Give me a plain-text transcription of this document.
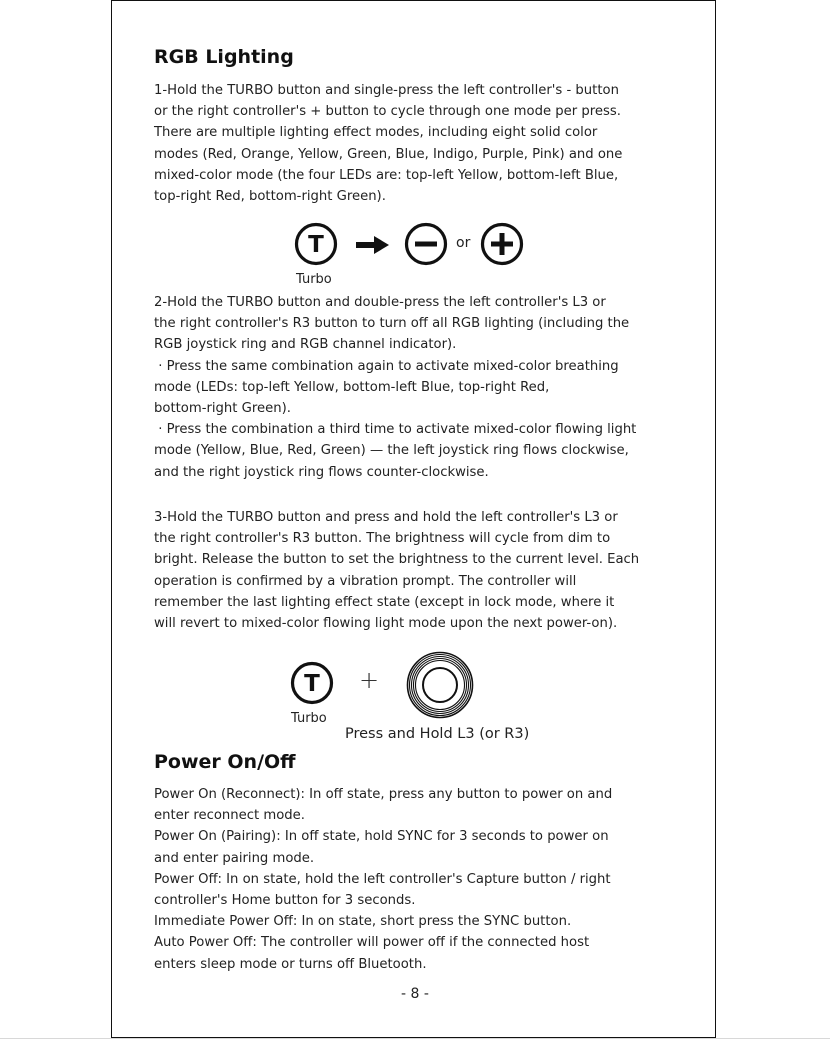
RGB Lighting
1-Hold the TURBO button and single-press the left controller's - button
or the right controller's + button to cycle through one mode per press.
There are multiple lighting effect modes, including eight solid color
modes (Red, Orange, Yellow, Green, Blue, Indigo, Purple, Pink) and one
mixed-color mode (the four LEDs are: top-left Yellow, bottom-left Blue,
top-right Red, bottom-right Green).
T	or
Turbo
2-Hold the TURBO button and double-press the left controller's L3 or
the right controller's R3 button to turn off all RGB lighting (including the
RGB joystick ring and RGB channel indicator).
· Press the same combination again to activate mixed-color breathing
mode (LEDs: top-left Yellow, bottom-left Blue, top-right Red,
bottom-right Green).
· Press the combination a third time to activate mixed-color flowing light
mode (Yellow, Blue, Red, Green) — the left joystick ring flows clockwise,
and the right joystick ring flows counter-clockwise.
3-Hold the TURBO button and press and hold the left controller's L3 or
the right controller's R3 button. The brightness will cycle from dim to
bright. Release the button to set the brightness to the current level. Each
operation is confirmed by a vibration prompt. The controller will
remember the last lighting effect state (except in lock mode, where it
will revert to mixed-color flowing light mode upon the next power-on).
T +
Turbo
Press and Hold L3 (or R3)
Power On/Off
Power On (Reconnect): In off state, press any button to power on and
enter reconnect mode.
Power On (Pairing): In off state, hold SYNC for 3 seconds to power on
and enter pairing mode.
Power Off: In on state, hold the left controller's Capture button / right
controller's Home button for 3 seconds.
Immediate Power Off: In on state, short press the SYNC button.
Auto Power Off: The controller will power off if the connected host
enters sleep mode or turns off Bluetooth.
- 8 -
